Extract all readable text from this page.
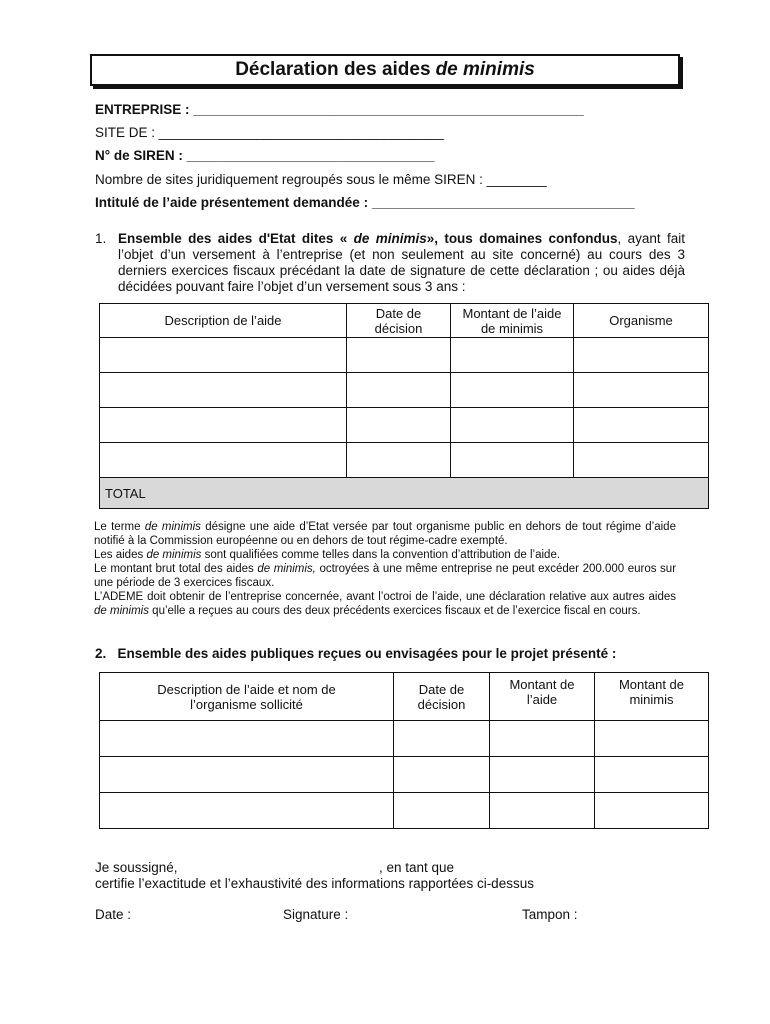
Déclaration des aides de minimis
ENTREPRISE : ____________________________________________________
SITE DE : ______________________________________
N° de SIREN : _________________________________
Nombre de sites juridiquement regroupés sous le même SIREN : ________
Intitulé de l’aide présentement demandée : ___________________________________
1. Ensemble des aides d'Etat dites « de minimis», tous domaines confondus, ayant fait l’objet d’un versement à l’entreprise (et non seulement au site concerné) au cours des 3 derniers exercices fiscaux précédant la date de signature de cette déclaration ; ou aides déjà décidées pouvant faire l’objet d’un versement sous 3 ans :
Description de l’aide	Date de décision	Montant de l’aide de minimis	Organisme

TOTAL			

Le terme de minimis désigne une aide d’Etat versée par tout organisme public en dehors de tout régime d’aide notifié à la Commission européenne ou en dehors de tout régime-cadre exempté.

Les aides de minimis sont qualifiées comme telles dans la convention d’attribution de l’aide.

Le montant brut total des aides de minimis, octroyées à une même entreprise ne peut excéder 200.000 euros sur une période de 3 exercices fiscaux.

L’ADEME doit obtenir de l’entreprise concernée, avant l’octroi de l’aide, une déclaration relative aux autres aides de minimis qu’elle a reçues au cours des deux précédents exercices fiscaux et de l’exercice fiscal en cours.

2.   Ensemble des aides publiques reçues ou envisagées pour le projet présenté :
Description de l’aide et nom de l’organisme sollicité	Date de décision	Montant de l’aide	Montant de minimis

Je soussigné,	, en tant que
certifie l’exactitude et l’exhaustivité des informations rapportées ci-dessus
Date :	Signature :	Tampon :
